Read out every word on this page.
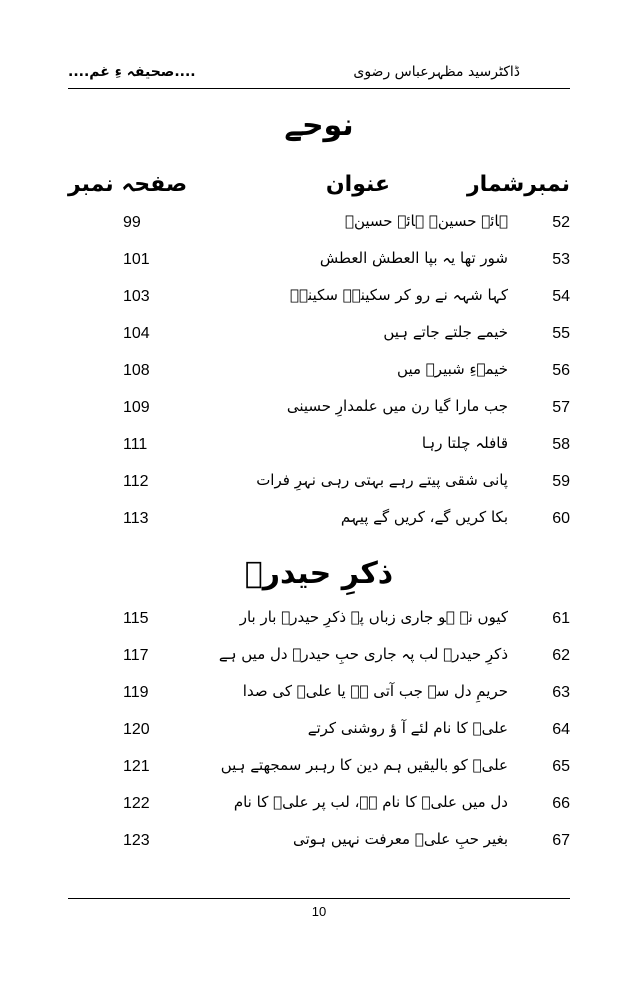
ڈاکٹرسید مظہرعباس رضوی
....صحیفہ ءِ غم....
نوحے
نمبرشمار
عنوان
صفحہ نمبر
52
ہائے حسینؑ ہائے حسینؑ
99
53
شور تھا یہ بپا العطش العطش
101
54
کہا شہہ نے رو کر سکینہؑ سکینہؑ
103
55
خیمے جلتے جاتے ہیں
104
56
خیمہءِ شبیرؑ میں
108
57
جب مارا گیا رن میں علمدارِ حسینی
109
58
قافلہ چلتا رہا
111
59
پانی شقی پیتے رہے بہتی رہی نہرِ فرات
112
60
بکا کریں گے، کریں گے پیہم
113
ذکرِ حیدرؑ
61
کیوں نہ ہو جاری زباں پہ ذکرِ حیدرؑ بار بار
115
62
ذکرِ حیدرؑ لب پہ جاری حبِ حیدرؑ دل میں ہے
117
63
حریمِ دل سے جب آتی ہے یا علیؑ کی صدا
119
64
علیؑ کا نام لئے آ ؤ روشنی کرتے
120
65
علیؑ کو بالیقیں ہم دین کا رہبر سمجھتے ہیں
121
66
دل میں علیؑ کا نام ہے، لب پر علیؑ کا نام
122
67
بغیر حبِ علیؑ معرفت نہیں ہوتی
123
10
